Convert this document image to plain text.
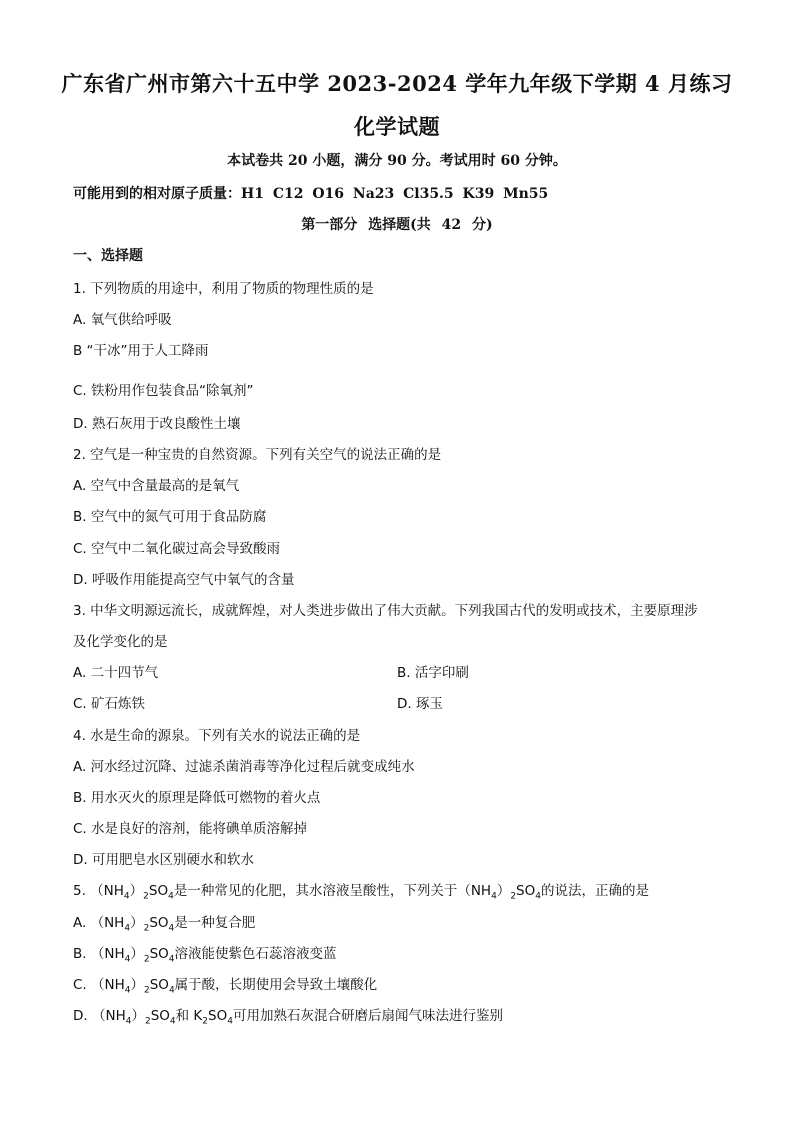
广东省广州市第六十五中学 2023-2024 学年九年级下学期 4 月练习
化学试题
本试卷共 20 小题，满分 90 分。考试用时 60 分钟。
可能用到的相对原子质量：H1 C12 O16 Na23 Cl35.5 K39 Mn55
第一部分 选择题(共 42 分)
一、选择题
1. 下列物质的用途中，利用了物质的物理性质的是
A. 氧气供给呼吸
B “干冰”用于人工降雨
C. 铁粉用作包装食品“除氧剂”
D. 熟石灰用于改良酸性土壤
2. 空气是一种宝贵的自然资源。下列有关空气的说法正确的是
A. 空气中含量最高的是氧气
B. 空气中的氮气可用于食品防腐
C. 空气中二氧化碳过高会导致酸雨
D. 呼吸作用能提高空气中氧气的含量
3. 中华文明源远流长，成就辉煌，对人类进步做出了伟大贡献。下列我国古代的发明或技术，主要原理涉
及化学变化的是
A. 二十四节气	B. 活字印刷
C. 矿石炼铁	D. 琢玉
4. 水是生命的源泉。下列有关水的说法正确的是
A. 河水经过沉降、过滤杀菌消毒等净化过程后就变成纯水
B. 用水灭火的原理是降低可燃物的着火点
C. 水是良好的溶剂，能将碘单质溶解掉
D. 可用肥皂水区别硬水和软水
5. $(NH_4)_2SO_4$是一种常见的化肥，其水溶液呈酸性，下列关于$(NH_4)_2SO_4$的说法，正确的是
A. $(NH_4)_2SO_4$是一种复合肥
B. $(NH_4)_2SO_4$溶液能使紫色石蕊溶液变蓝
C. $(NH_4)_2SO_4$属于酸，长期使用会导致土壤酸化
D. $(NH_4)_2SO_4$和 $K_2SO_4$可用加熟石灰混合研磨后扇闻气味法进行鉴别
